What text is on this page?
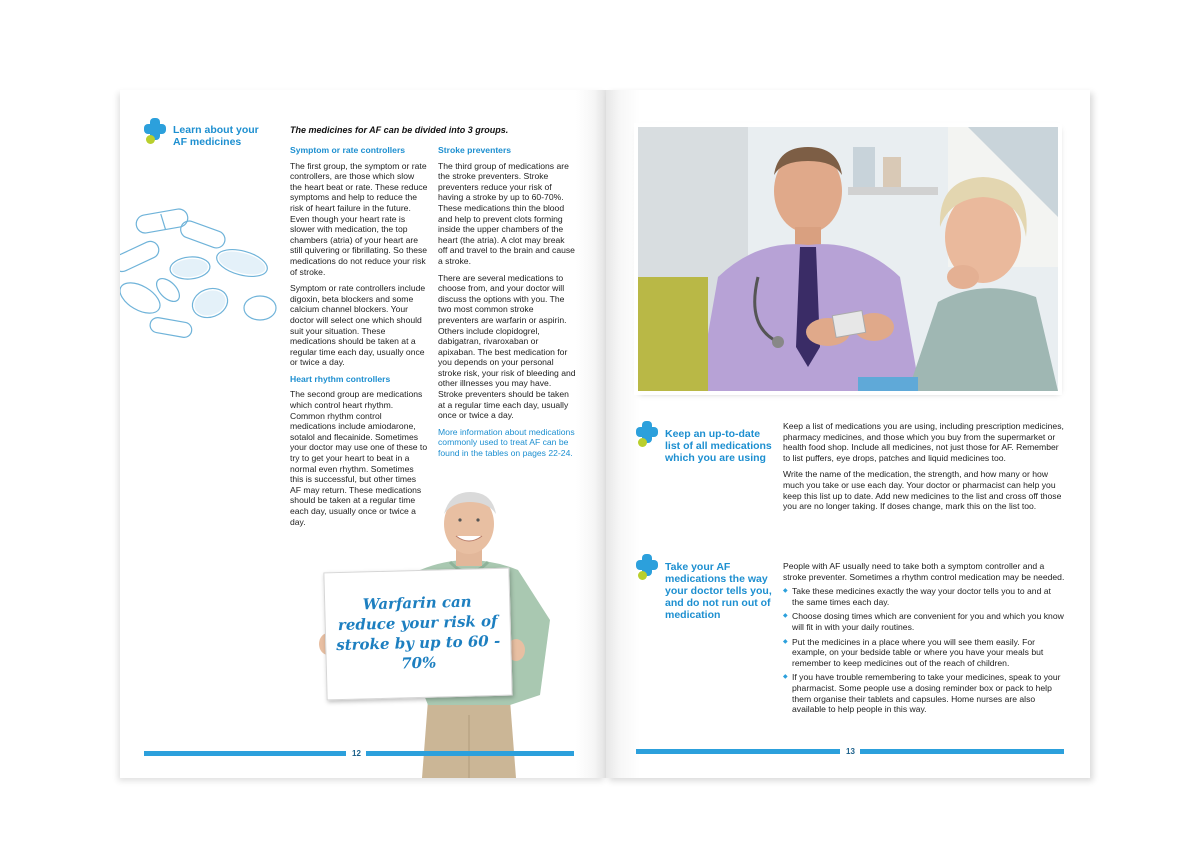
Learn about your AF medicines
The medicines for AF can be divided into 3 groups.

Symptom or rate controllers

The first group, the symptom or rate controllers, are those which slow the heart beat or rate. These reduce symptoms and help to reduce the risk of heart failure in the future. Even though your heart rate is slower with medication, the top chambers (atria) of your heart are still quivering or fibrillating. So these medications do not reduce your risk of stroke.

Symptom or rate controllers include digoxin, beta blockers and some calcium channel blockers. Your doctor will select one which should suit your situation. These medications should be taken at a regular time each day, usually once or twice a day.

Heart rhythm controllers

The second group are medications which control heart rhythm. Common rhythm control medications include amiodarone, sotalol and flecainide. Sometimes your doctor may use one of these to try to get your heart to beat in a normal even rhythm. Sometimes this is successful, but other times AF may return. These medications should be taken at a regular time each day, usually once or twice a day.

Stroke preventers

The third group of medications are the stroke preventers. Stroke preventers reduce your risk of having a stroke by up to 60-70%. These medications thin the blood and help to prevent clots forming inside the upper chambers of the heart (the atria). A clot may break off and travel to the brain and cause a stroke.

There are several medications to choose from, and your doctor will discuss the options with you. The two most common stroke preventers are warfarin or aspirin. Others include clopidogrel, dabigatran, rivaroxaban or apixaban. The best medication for you depends on your personal stroke risk, your risk of bleeding and other illnesses you may have. Stroke preventers should be taken at a regular time each day, usually once or twice a day.

More information about medications commonly used to treat AF can be found in the tables on pages 22-24.

Warfarin can reduce your risk of stroke by up to 60 - 70%
12
Keep an up-to-date list of all medications which you are using

Keep a list of medications you are using, including prescription medicines, pharmacy medicines, and those which you buy from the supermarket or health food shop. Include all medicines, not just those for AF. Remember to list puffers, eye drops, patches and liquid medicines too.

Write the name of the medication, the strength, and how many or how much you take or use each day. Your doctor or pharmacist can help you keep this list up to date. Add new medicines to the list and cross off those you are no longer taking. If doses change, mark this on the list too.

Take your AF medications the way your doctor tells you, and do not run out of medication

People with AF usually need to take both a symptom controller and a stroke preventer. Sometimes a rhythm control medication may be needed.

◆ Take these medicines exactly the way your doctor tells you to and at the same times each day.
◆ Choose dosing times which are convenient for you and which you know will fit in with your daily routines.
◆ Put the medicines in a place where you will see them easily. For example, on your bedside table or where you have your meals but remember to keep medicines out of the reach of children.
◆ If you have trouble remembering to take your medicines, speak to your pharmacist. Some people use a dosing reminder box or pack to help them organise their tablets and capsules. Home nurses are also available to help people in this way.
13
